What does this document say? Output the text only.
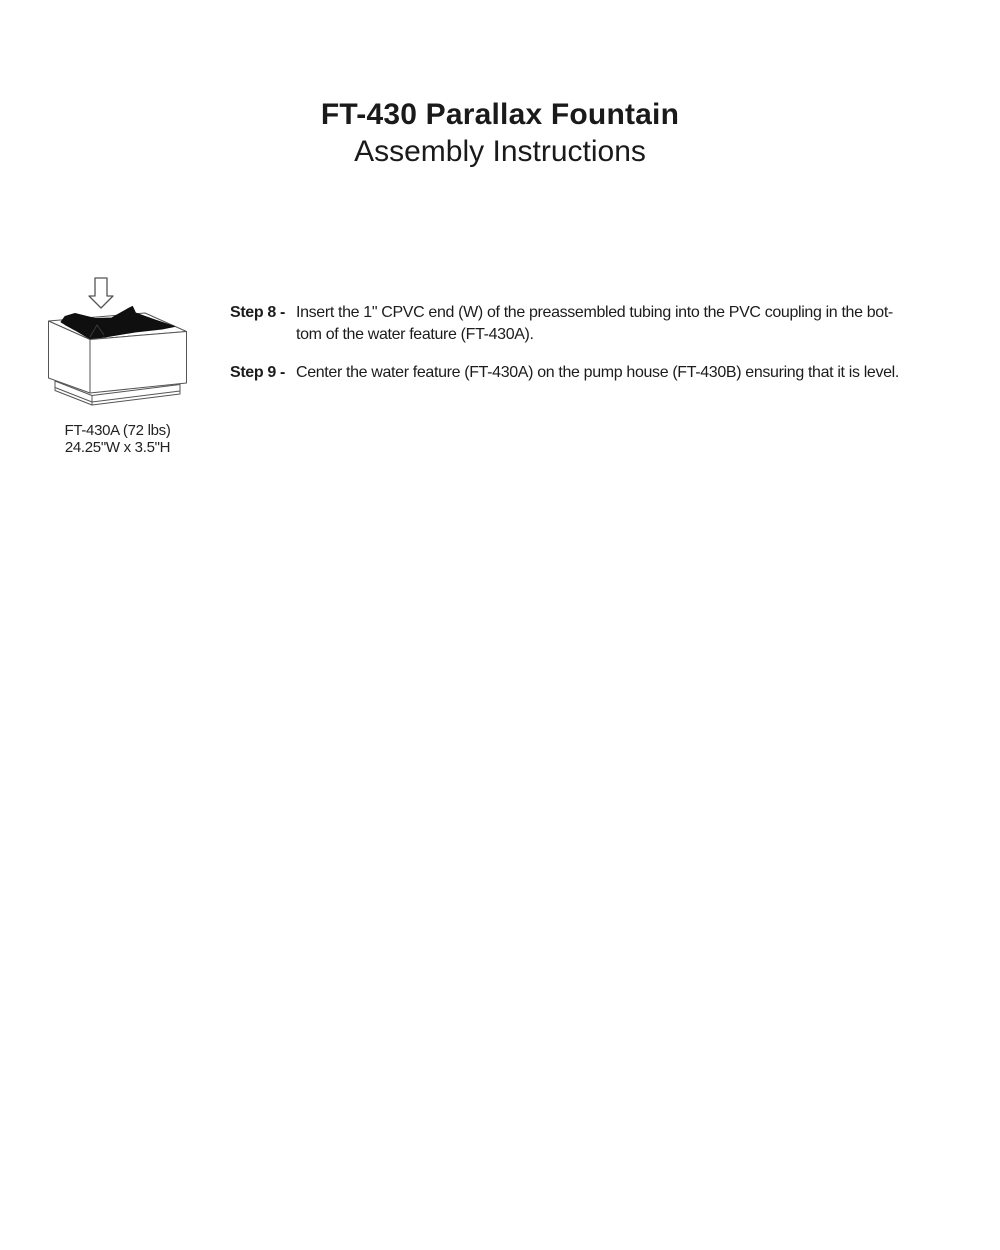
FT-430 Parallax Fountain
Assembly Instructions
FT-430A (72 lbs)
24.25"W x 3.5"H
Step 8 - Insert the 1" CPVC end (W) of the preassembled tubing into the PVC coupling in the bot-
tom of the water feature (FT-430A).
Step 9 - Center the water feature (FT-430A) on the pump house (FT-430B) ensuring that it is level.
